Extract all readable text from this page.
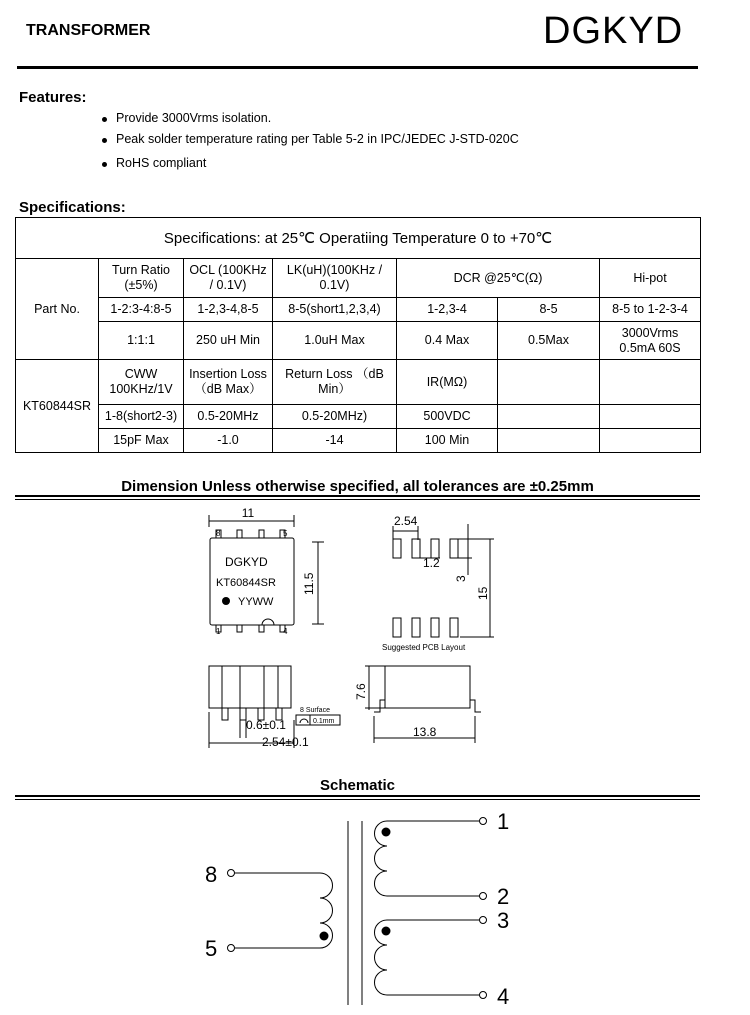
TRANSFORMER	DGKYD
Features:
Provide 3000Vrms isolation.
Peak solder temperature rating per Table 5-2 in IPC/JEDEC J-STD-020C
RoHS compliant
Specifications:
Specifications: at 25℃ Operatiing Temperature 0 to +70℃						
Part No.	Turn Ratio (±5%)	OCL (100KHz / 0.1V)	LK(uH)(100KHz / 0.1V)	DCR @25℃(Ω)		Hi-pot
	1-2:3-4:8-5	1-2,3-4,8-5	8-5(short1,2,3,4)	1-2,3-4	8-5	8-5 to 1-2-3-4
	1:1:1	250 uH Min	1.0uH Max	0.4 Max	0.5Max	3000Vrms
0.5mA 60S
KT60844SR	CWW 100KHz/1V	Insertion Loss（dB Max）	Return Loss （dB Min）	IR(MΩ)		
	1-8(short2-3)	0.5-20MHz	0.5-20MHz)	500VDC		
	15pF Max	-1.0	-14	100 Min		
Dimension Unless otherwise specified, all tolerances are ±0.25mm
11
8	5
1	4
DGKYD
KT60844SR
YYWW
11.5
2.54
1.2
3
15
Suggested PCB Layout
0.6±0.1
2.54±0.1
8 Surface
0.1mm
7.6
13.8
Schematic
8
5
1
2
3
4
